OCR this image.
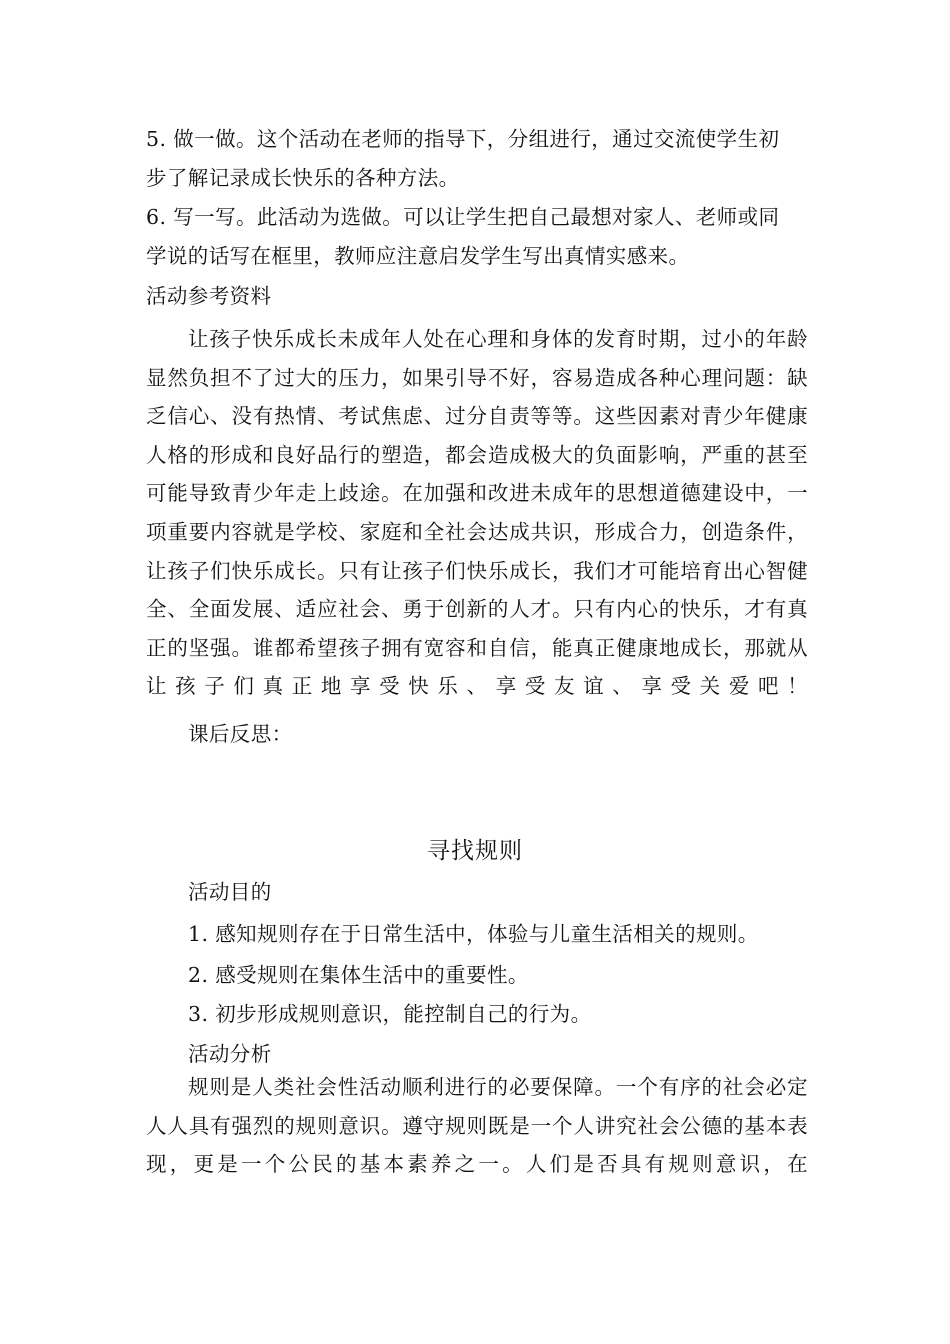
5. 做一做。这个活动在老师的指导下，分组进行，通过交流使学生初
步了解记录成长快乐的各种方法。
6. 写一写。此活动为选做。可以让学生把自己最想对家人、老师或同
学说的话写在框里，教师应注意启发学生写出真情实感来。
活动参考资料
让孩子快乐成长未成年人处在心理和身体的发育时期，过小的年龄显然负担不了过大的压力，如果引导不好，容易造成各种心理问题：缺乏信心、没有热情、考试焦虑、过分自责等等。这些因素对青少年健康人格的形成和良好品行的塑造，都会造成极大的负面影响，严重的甚至可能导致青少年走上歧途。在加强和改进未成年的思想道德建设中，一项重要内容就是学校、家庭和全社会达成共识，形成合力，创造条件，让孩子们快乐成长。只有让孩子们快乐成长，我们才可能培育出心智健全、全面发展、适应社会、勇于创新的人才。只有内心的快乐，才有真正的坚强。谁都希望孩子拥有宽容和自信，能真正健康地成长，那就从让孩子们真正地享受快乐、享受友谊、享受关爱吧！
课后反思：
寻找规则
活动目的
1. 感知规则存在于日常生活中，体验与儿童生活相关的规则。
2. 感受规则在集体生活中的重要性。
3. 初步形成规则意识，能控制自己的行为。
活动分析
规则是人类社会性活动顺利进行的必要保障。一个有序的社会必定人人具有强烈的规则意识。遵守规则既是一个人讲究社会公德的基本表现，更是一个公民的基本素养之一。人们是否具有规则意识，在
